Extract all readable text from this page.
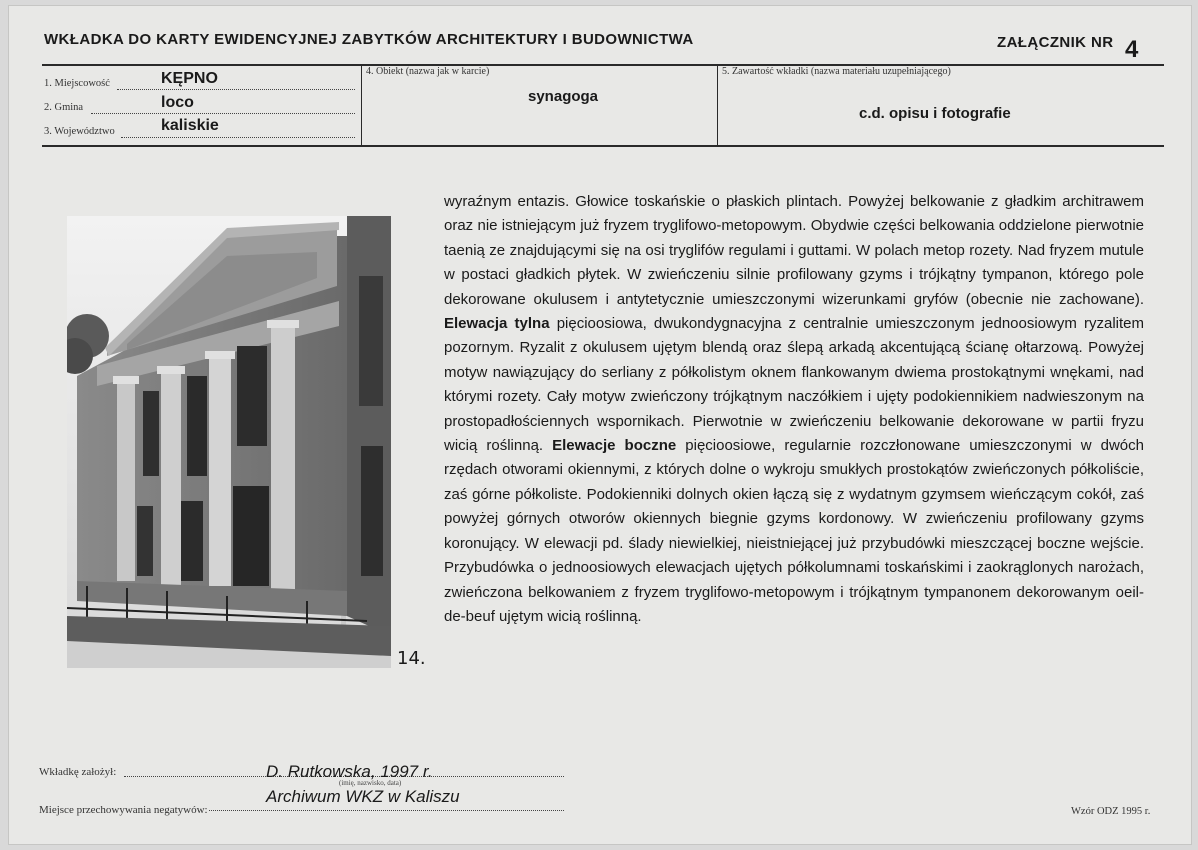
WKŁADKA DO KARTY EWIDENCYJNEJ ZABYTKÓW ARCHITEKTURY I BUDOWNICTWA	ZAŁĄCZNIK NR 4
1. Miejscowość	KĘPNO
2. Gmina	loco
3. Województwo	kaliskie
4. Obiekt (nazwa jak w karcie)
synagoga
5. Zawartość wkładki (nazwa materiału uzupełniającego)
c.d. opisu i fotografie
14.

wyraźnym entazis. Głowice toskańskie o płaskich plintach. Powyżej belkowanie z gładkim architrawem oraz nie istniejącym już fryzem tryglifowo-metopowym. Obydwie części belkowania oddzielone pierwotnie taenią ze znajdującymi się na osi tryglifów regulami i guttami. W polach metop rozety. Nad fryzem mutule w postaci gładkich płytek. W zwieńczeniu silnie profilowany gzyms i trójkątny tympanon, którego pole dekorowane okulusem i antytetycznie umieszczonymi wizerunkami gryfów (obecnie nie zachowane). Elewacja tylna pięcioosiowa, dwukondygnacyjna z centralnie umieszczonym jednoosiowym ryzalitem pozornym. Ryzalit z okulusem ujętym blendą oraz ślepą arkadą akcentującą ścianę ołtarzową. Powyżej motyw nawiązujący do serliany z półkolistym oknem flankowanym dwiema prostokątnymi wnękami, nad którymi rozety. Cały motyw zwieńczony trójkątnym naczółkiem i ujęty podokiennikiem nadwieszonym na prostopadłościennych wspornikach. Pierwotnie w zwieńczeniu belkowanie dekorowane w partii fryzu wicią roślinną. Elewacje boczne pięcioosiowe, regularnie rozczłonowane umieszczonymi w dwóch rzędach otworami okiennymi, z których dolne o wykroju smukłych prostokątów zwieńczonych półkoliście, zaś górne półkoliste. Podokienniki dolnych okien łączą się z wydatnym gzymsem wieńczącym cokół, zaś powyżej górnych otworów okiennych biegnie gzyms kordonowy. W zwieńczeniu profilowany gzyms koronujący. W elewacji pd. ślady niewielkiej, nieistniejącej już przybudówki mieszczącej boczne wejście. Przybudówka o jednoosiowych elewacjach ujętych półkolumnami toskańskimi i zaokrąglonych narożach, zwieńczona belkowaniem z fryzem tryglifowo-metopowym i trójkątnym tympanonem dekorowanym oeil-de-beuf ujętym wicią roślinną.

Wkładkę założył:	D. Rutkowska, 1997 r.
(imię, nazwisko, data)
Miejsce przechowywania negatywów:
Archiwum WKZ w Kaliszu
Wzór ODZ 1995 r.
